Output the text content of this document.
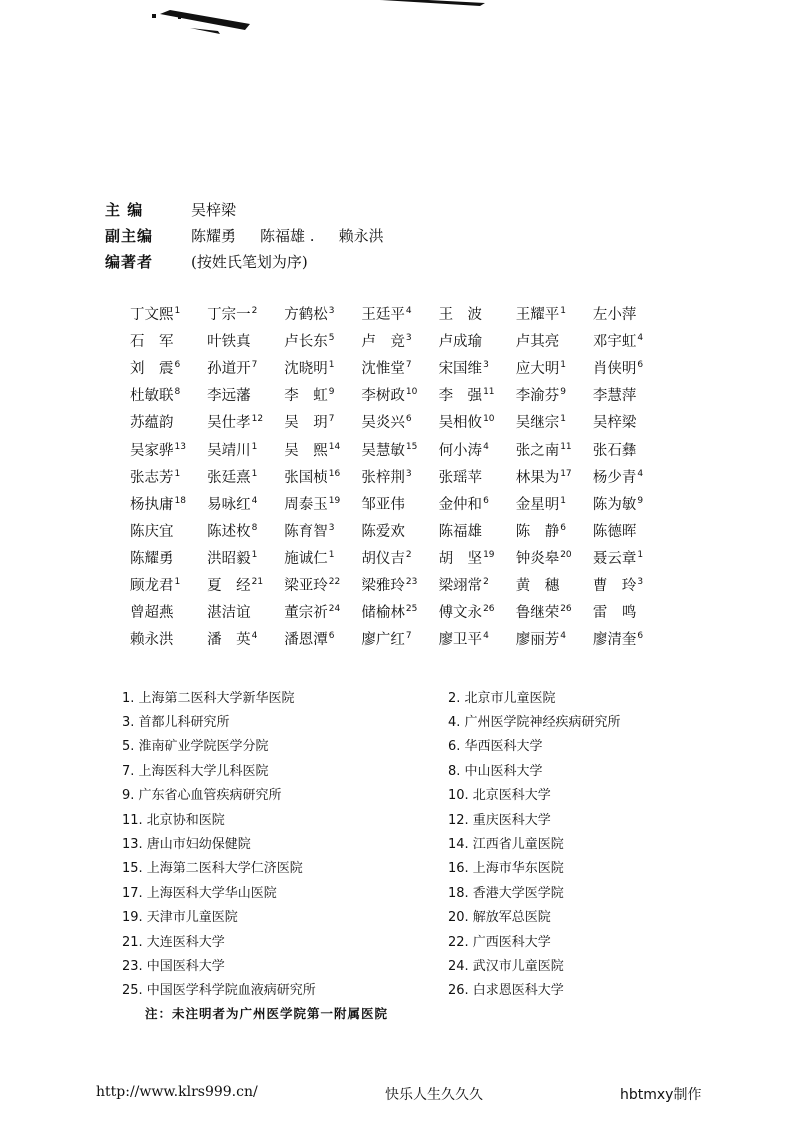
主 编	吴梓梁
副主编	陈耀勇 陈福雄 . 赖永洪
编著者	(按姓氏笔划为序)
丁文熙$^1$	丁宗一$^2$	方鹤松$^3$	王廷平$^4$	王　波	王耀平$^1$	左小萍
石　军	叶铁真	卢长东$^5$	卢　竞$^3$	卢成瑜	卢其亮	邓宇虹$^4$
刘　震$^6$	孙道开$^7$	沈晓明$^1$	沈惟堂$^7$	宋国维$^3$	应大明$^1$	肖侠明$^6$
杜敏联$^8$	李远藩	李　虹$^9$	李树政$^{10}$	李　强$^{11}$	李渝芬$^9$	李慧萍
苏蕴韵	吴仕孝$^{12}$	吴　玥$^7$	吴炎兴$^6$	吴相攸$^{10}$	吴继宗$^1$	吴梓梁
吴家骅$^{13}$	吴靖川$^1$	吴　熙$^{14}$	吴慧敏$^{15}$	何小涛$^4$	张之南$^{11}$	张石彝
张志芳$^1$	张廷熹$^1$	张国桢$^{16}$	张梓荆$^3$	张瑶苹	林果为$^{17}$	杨少青$^4$
杨执庸$^{18}$	易咏红$^4$	周泰玉$^{19}$	邹亚伟	金仲和$^6$	金星明$^1$	陈为敏$^9$
陈庆宜	陈述枚$^8$	陈育智$^3$	陈爱欢	陈福雄	陈　静$^6$	陈德晖
陈耀勇	洪昭毅$^1$	施诚仁$^1$	胡仪吉$^2$	胡　坚$^{19}$	钟炎皋$^{20}$	聂云章$^1$
顾龙君$^1$	夏　经$^{21}$	梁亚玲$^{22}$	梁雅玲$^{23}$	梁翊常$^2$	黄　穗	曹　玲$^3$
曾超燕	湛洁谊	董宗祈$^{24}$	储榆林$^{25}$	傅文永$^{26}$	鲁继荣$^{26}$	雷　鸣
赖永洪	潘　英$^4$	潘恩潭$^6$	廖广红$^7$	廖卫平$^4$	廖丽芳$^4$	廖清奎$^6$
1. 上海第二医科大学新华医院	2. 北京市儿童医院
3. 首都儿科研究所	4. 广州医学院神经疾病研究所
5. 淮南矿业学院医学分院	6. 华西医科大学
7. 上海医科大学儿科医院	8. 中山医科大学
9. 广东省心血管疾病研究所	10. 北京医科大学
11. 北京协和医院	12. 重庆医科大学
13. 唐山市妇幼保健院	14. 江西省儿童医院
15. 上海第二医科大学仁济医院	16. 上海市华东医院
17. 上海医科大学华山医院	18. 香港大学医学院
19. 天津市儿童医院	20. 解放军总医院
21. 大连医科大学	22. 广西医科大学
23. 中国医科大学	24. 武汉市儿童医院
25. 中国医学科学院血液病研究所	26. 白求恩医科大学
注：未注明者为广州医学院第一附属医院
http://www.klrs999.cn/	快乐人生久久久	hbtmxy制作
